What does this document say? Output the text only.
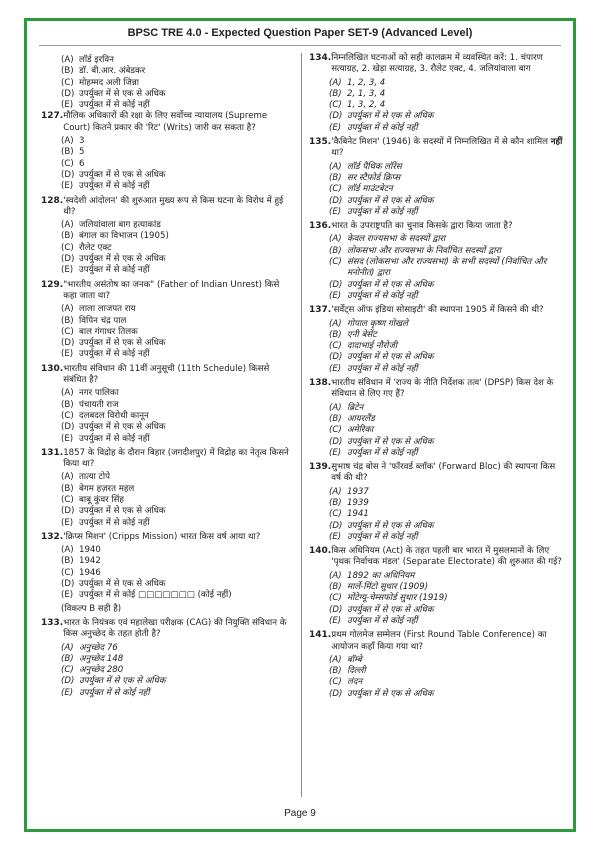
BPSC TRE 4.0 - Expected Question Paper SET-9 (Advanced Level)
(A) लॉर्ड इरविन
(B) डॉ. बी.आर. अंबेडकर
(C) मोहम्मद अली जिन्ना
(D) उपर्युक्त में से एक से अधिक
(E) उपर्युक्त में से कोई नहीं
127. मौलिक अधिकारों की रक्षा के लिए सर्वोच्च न्यायालय (Supreme Court) कितने प्रकार की 'रिट' (Writs) जारी कर सकता है?
(A) 3
(B) 5
(C) 6
(D) उपर्युक्त में से एक से अधिक
(E) उपर्युक्त में से कोई नहीं
128. 'स्वदेशी आंदोलन' की शुरुआत मुख्य रूप से किस घटना के विरोध में हुई थी?
(A) जलियांवाला बाग हत्याकांड
(B) बंगाल का विभाजन (1905)
(C) रौलेट एक्ट
(D) उपर्युक्त में से एक से अधिक
(E) उपर्युक्त में से कोई नहीं
129. "भारतीय असंतोष का जनक" (Father of Indian Unrest) किसे कहा जाता था?
(A) लाला लाजपत राय
(B) विपिन चंद्र पाल
(C) बाल गंगाधर तिलक
(D) उपर्युक्त में से एक से अधिक
(E) उपर्युक्त में से कोई नहीं
130. भारतीय संविधान की 11वीं अनुसूची (11th Schedule) किससे संबंधित है?
(A) नगर पालिका
(B) पंचायती राज
(C) दलबदल विरोधी कानून
(D) उपर्युक्त में से एक से अधिक
(E) उपर्युक्त में से कोई नहीं
131. 1857 के विद्रोह के दौरान बिहार (जगदीशपुर) में विद्रोह का नेतृत्व किसने किया था?
(A) तात्या टोपे
(B) बेगम हज़रत महल
(C) बाबू कुंवर सिंह
(D) उपर्युक्त में से एक से अधिक
(E) उपर्युक्त में से कोई नहीं
132. 'क्रिप्स मिशन' (Cripps Mission) भारत किस वर्ष आया था?
(A) 1940
(B) 1942
(C) 1946
(D) उपर्युक्त में से एक से अधिक
(E) उपर्युक्त में से कोई □□□□□□□ (कोई नहीं)
(विकल्प B सही है)
133. भारत के नियंत्रक एवं महालेखा परीक्षक (CAG) की नियुक्ति संविधान के किस अनुच्छेद के तहत होती है?
(A) अनुच्छेद 76
(B) अनुच्छेद 148
(C) अनुच्छेद 280
(D) उपर्युक्त में से एक से अधिक
(E) उपर्युक्त में से कोई नहीं
134. निम्नलिखित घटनाओं को सही कालक्रम में व्यवस्थित करें: 1. चंपारण सत्याग्रह, 2. खेड़ा सत्याग्रह, 3. रौलेट एक्ट, 4. जलियांवाला बाग
(A) 1, 2, 3, 4
(B) 2, 1, 3, 4
(C) 1, 3, 2, 4
(D) उपर्युक्त में से एक से अधिक
(E) उपर्युक्त में से कोई नहीं
135. 'कैबिनेट मिशन' (1946) के सदस्यों में निम्नलिखित में से कौन शामिल नहीं था?
(A) लॉर्ड पैथिक लॉरेंस
(B) सर स्टैफोर्ड क्रिप्स
(C) लॉर्ड माउंटबेटन
(D) उपर्युक्त में से एक से अधिक
(E) उपर्युक्त में से कोई नहीं
136. भारत के उपराष्ट्रपति का चुनाव किसके द्वारा किया जाता है?
(A) केवल राज्यसभा के सदस्यों द्वारा
(B) लोकसभा और राज्यसभा के निर्वाचित सदस्यों द्वारा
(C) संसद (लोकसभा और राज्यसभा) के सभी सदस्यों (निर्वाचित और मनोनीत) द्वारा
(D) उपर्युक्त में से एक से अधिक
(E) उपर्युक्त में से कोई नहीं
137. 'सर्वेंट्स ऑफ इंडिया सोसाइटी' की स्थापना 1905 में किसने की थी?
(A) गोपाल कृष्ण गोखले
(B) एनी बेसेंट
(C) दादाभाई नौरोजी
(D) उपर्युक्त में से एक से अधिक
(E) उपर्युक्त में से कोई नहीं
138. भारतीय संविधान में 'राज्य के नीति निर्देशक तत्व' (DPSP) किस देश के संविधान से लिए गए हैं?
(A) ब्रिटेन
(B) आयरलैंड
(C) अमेरिका
(D) उपर्युक्त में से एक से अधिक
(E) उपर्युक्त में से कोई नहीं
139. सुभाष चंद्र बोस ने 'फॉरवर्ड ब्लॉक' (Forward Bloc) की स्थापना किस वर्ष की थी?
(A) 1937
(B) 1939
(C) 1941
(D) उपर्युक्त में से एक से अधिक
(E) उपर्युक्त में से कोई नहीं
140. किस अधिनियम (Act) के तहत पहली बार भारत में मुसलमानों के लिए 'पृथक निर्वाचक मंडल' (Separate Electorate) की शुरुआत की गई?
(A) 1892 का अधिनियम
(B) मार्ले-मिंटो सुधार (1909)
(C) मोंटेग्यू-चेम्सफोर्ड सुधार (1919)
(D) उपर्युक्त में से एक से अधिक
(E) उपर्युक्त में से कोई नहीं
141. प्रथम गोलमेज सम्मेलन (First Round Table Conference) का आयोजन कहाँ किया गया था?
(A) बॉम्बे
(B) दिल्ली
(C) लंदन
(D) उपर्युक्त में से एक से अधिक
Page 9
